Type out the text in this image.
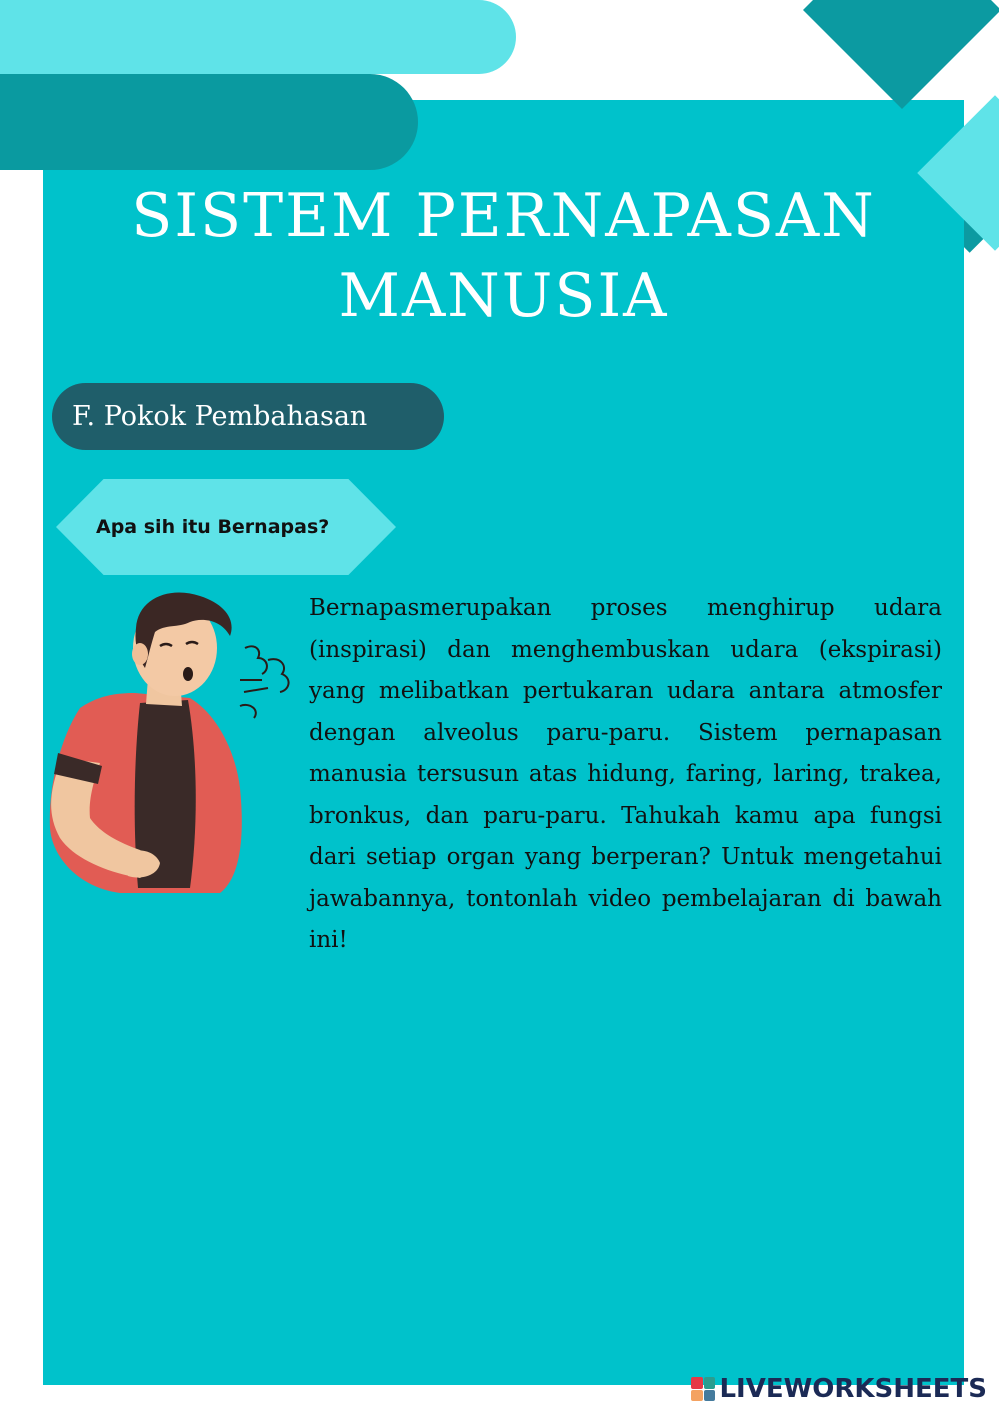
SISTEM PERNAPASAN MANUSIA
F. Pokok Pembahasan
Apa sih itu Bernapas?

Bernapasmerupakan proses menghirup udara (inspirasi) dan menghembuskan udara (ekspirasi) yang melibatkan pertukaran udara antara atmosfer dengan alveolus paru-paru. Sistem pernapasan manusia tersusun atas hidung, faring, laring, trakea, bronkus, dan paru-paru. Tahukah kamu apa fungsi dari setiap organ yang berperan? Untuk mengetahui jawabannya, tontonlah video pembelajaran di bawah ini!

LIVEWORKSHEETS
